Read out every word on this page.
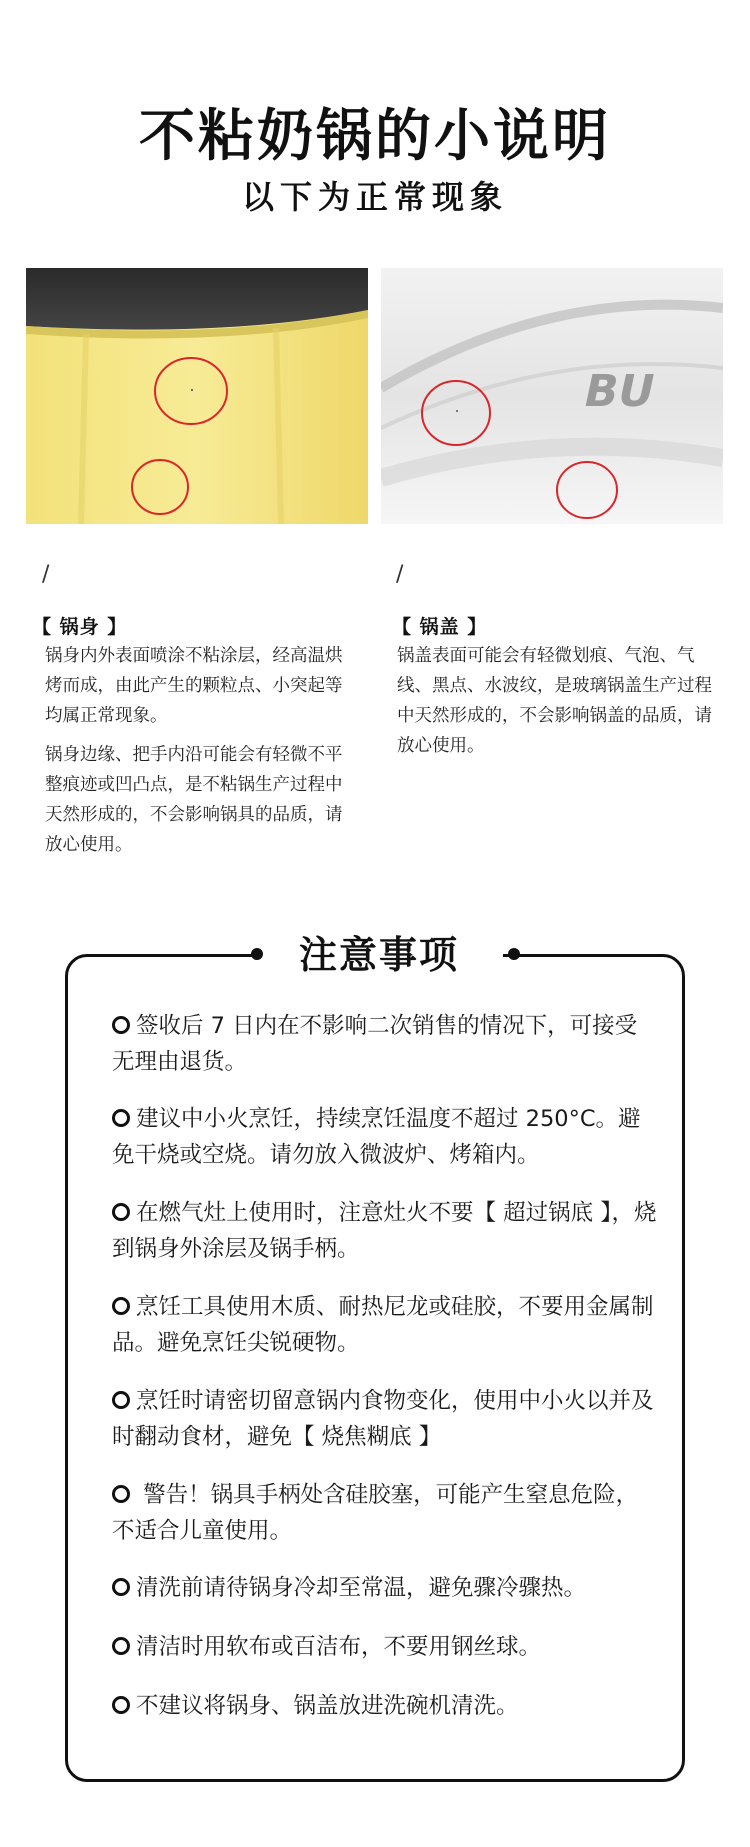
不粘奶锅的小说明
以下为正常现象
BU
/
【 锅身 】
锅身内外表面喷涂不粘涂层，经高温烘烤而成，由此产生的颗粒点、小突起等均属正常现象。
锅身边缘、把手内沿可能会有轻微不平整痕迹或凹凸点，是不粘锅生产过程中天然形成的，不会影响锅具的品质，请放心使用。
/
【 锅盖 】
锅盖表面可能会有轻微划痕、气泡、气线、黑点、水波纹，是玻璃锅盖生产过程中天然形成的，不会影响锅盖的品质，请放心使用。
注意事项
签收后 7 日内在不影响二次销售的情况下，可接受无理由退货。
建议中小火烹饪，持续烹饪温度不超过 250°C。避免干烧或空烧。请勿放入微波炉、烤箱内。
在燃气灶上使用时，注意灶火不要【 超过锅底 】，烧到锅身外涂层及锅手柄。
烹饪工具使用木质、耐热尼龙或硅胶，不要用金属制品。避免烹饪尖锐硬物。
烹饪时请密切留意锅内食物变化，使用中小火以并及时翻动食材，避免【 烧焦糊底 】
警告！锅具手柄处含硅胶塞，可能产生窒息危险，不适合儿童使用。
清洗前请待锅身冷却至常温，避免骤冷骤热。
清洁时用软布或百洁布，不要用钢丝球。
不建议将锅身、锅盖放进洗碗机清洗。
